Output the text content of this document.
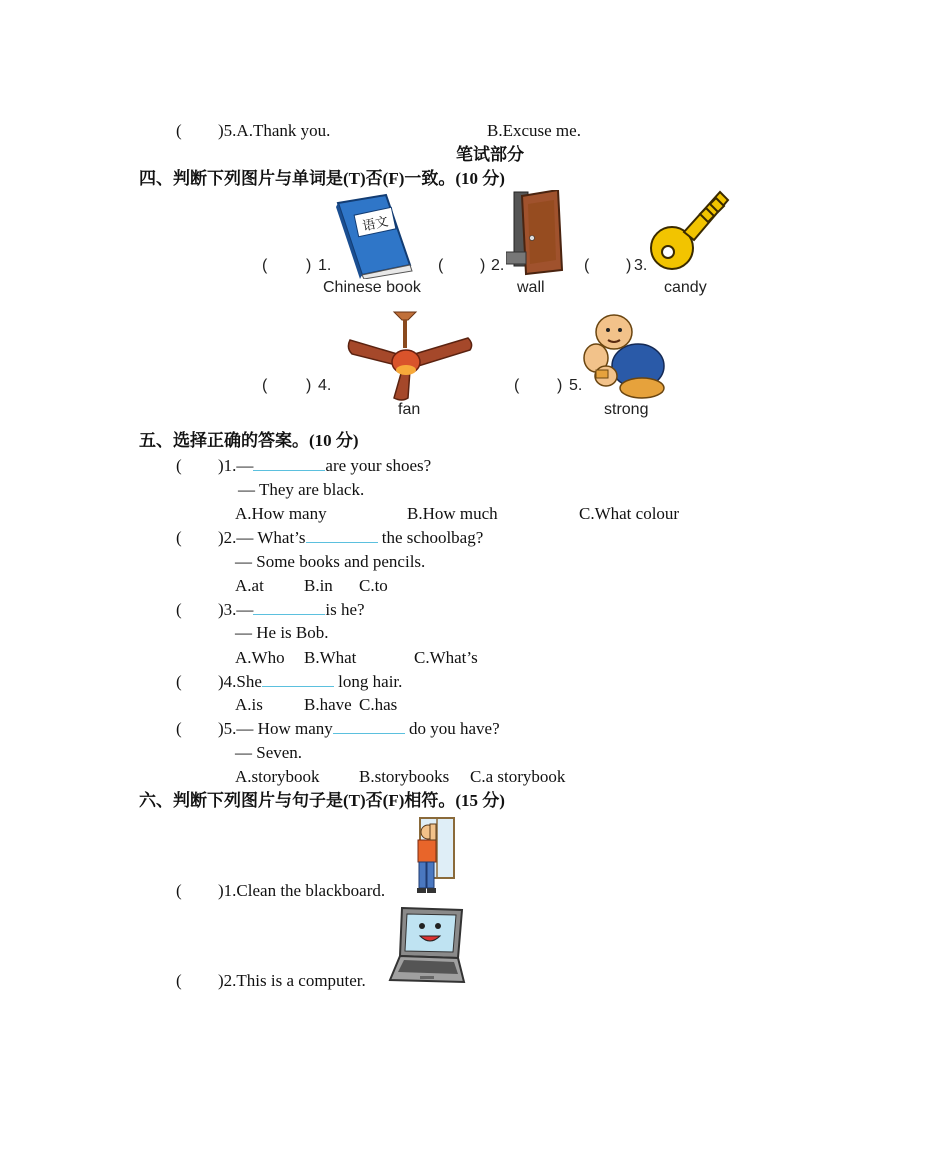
( )5.A.Thank you.	B.Excuse me.
笔试部分
四、判断下列图片与单词是(T)否(F)一致。(10 分)
( ) 1.
语文
Chinese book
( ) 2.
wall
( ) 3.
candy
( ) 4.
fan
( ) 5.
strong
五、选择正确的答案。(10 分)
( )1.—	are your shoes?
— They are black.
A.How many	B.How much	C.What colour
( )2.— What’s	the schoolbag?
— Some books and pencils.
A.at B.in C.to
( )3.—	is he?
— He is Bob.
A.Who B.What	C.What’s
( )4.She	long hair.
A.is B.have C.has
( )5.— How many	do you have?
— Seven.
A.storybook B.storybooks C.a storybook
六、判断下列图片与句子是(T)否(F)相符。(15 分)
( )1.Clean the blackboard.
( )2.This is a computer.
